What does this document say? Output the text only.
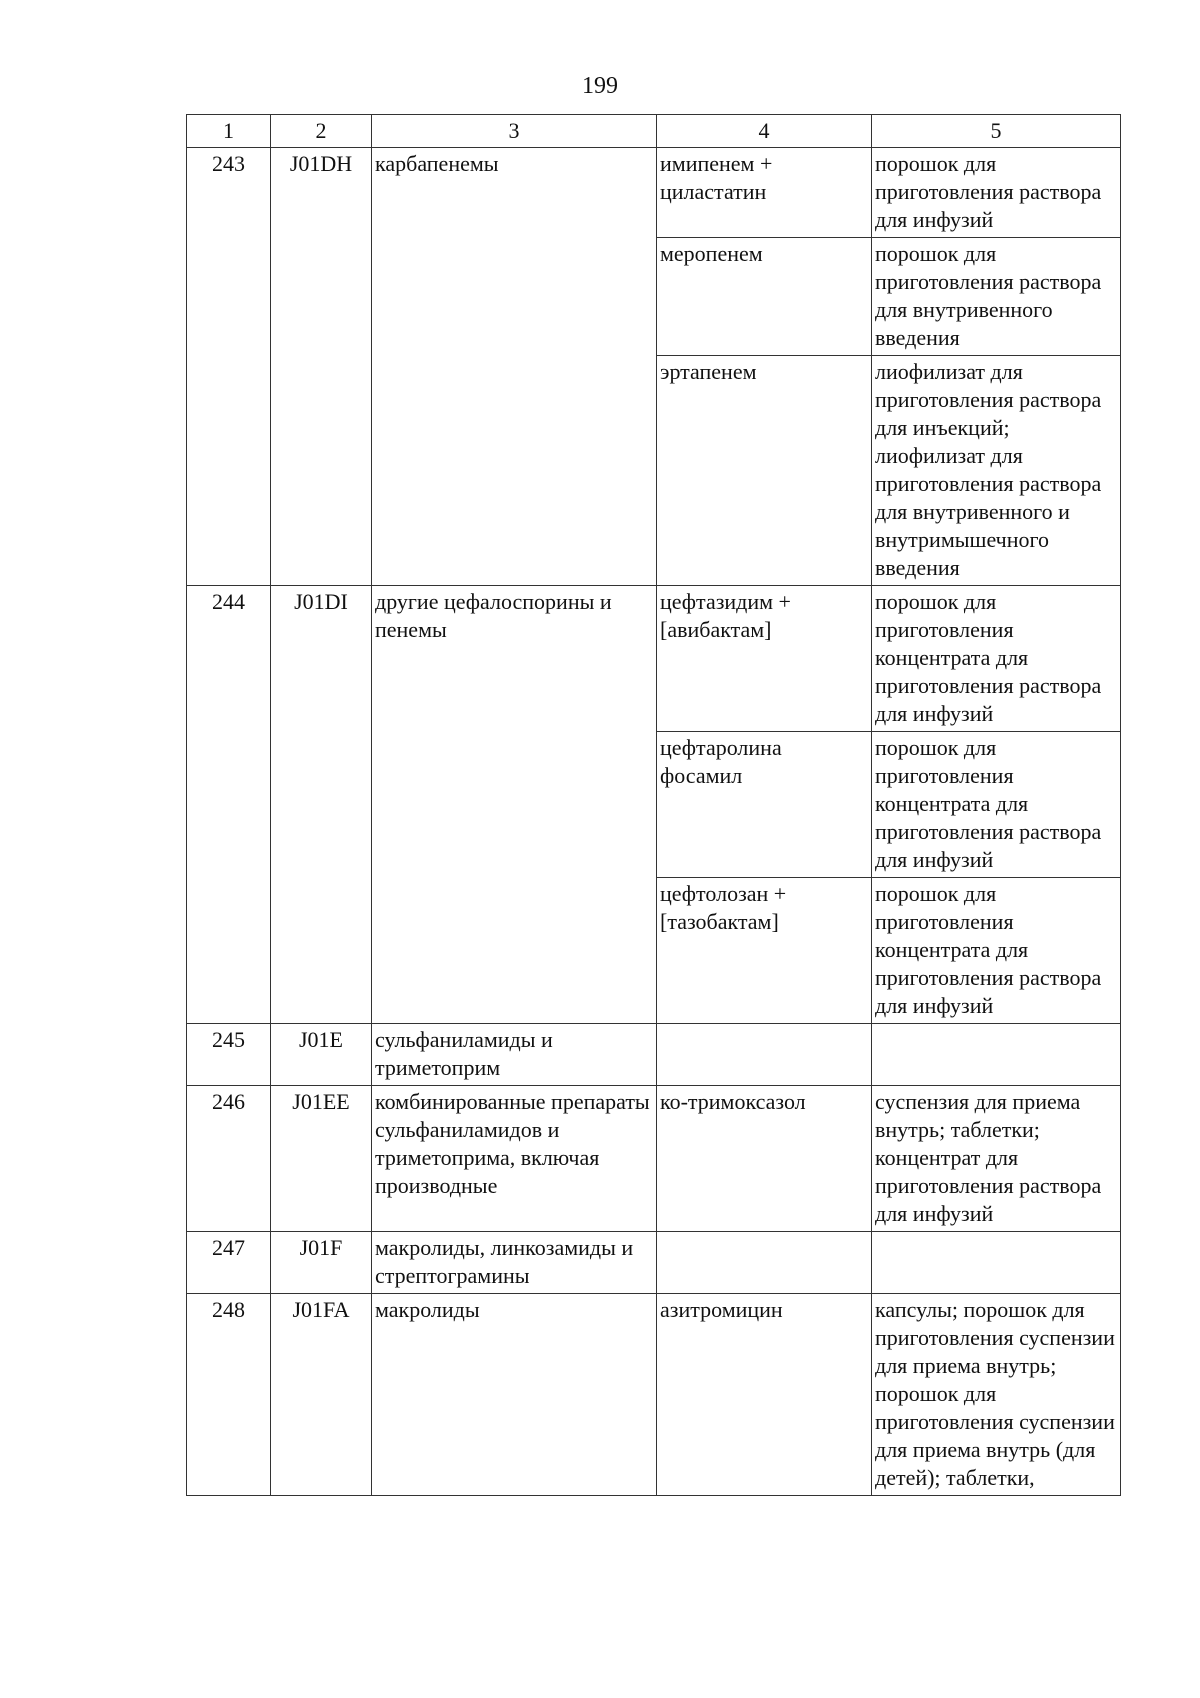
199
1	2	3	4	5
243	J01DH	карбапенемы	имипенем + циластатин	порошок для приготовления раствора для инфузий
			меропенем	порошок для приготовления раствора для внутривенного введения
			эртапенем	лиофилизат для приготовления раствора для инъекций; лиофилизат для приготовления раствора для внутривенного и внутримышечного введения
244	J01DI	другие цефалоспорины и пенемы	цефтазидим + [авибактам]	порошок для приготовления концентрата для приготовления раствора для инфузий
			цефтаролина фосамил	порошок для приготовления концентрата для приготовления раствора для инфузий
			цефтолозан + [тазобактам]	порошок для приготовления концентрата для приготовления раствора для инфузий
245	J01E	сульфаниламиды и триметоприм		
246	J01EE	комбинированные препараты сульфаниламидов и триметоприма, включая производные	ко-тримоксазол	суспензия для приема внутрь; таблетки; концентрат для приготовления раствора для инфузий
247	J01F	макролиды, линкозамиды и стрептограмины		
248	J01FA	макролиды	азитромицин	капсулы; порошок для приготовления суспензии для приема внутрь; порошок для приготовления суспензии для приема внутрь (для детей); таблетки,
